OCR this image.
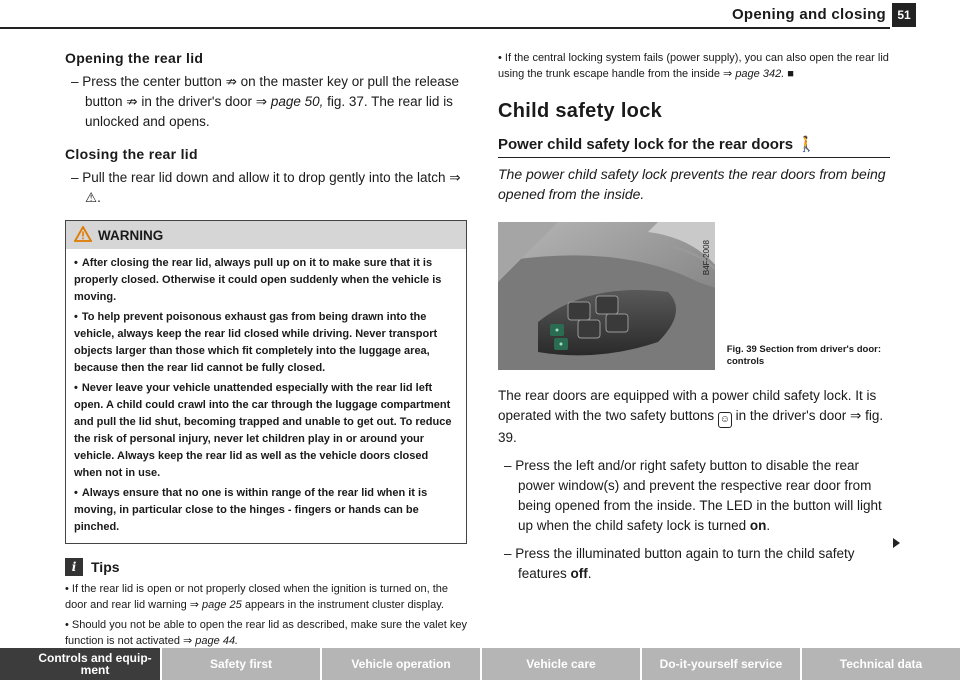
Opening and closing 51
Opening the rear lid

– Press the center button ⇏ on the master key or pull the release button ⇏ in the driver's door ⇒ page 50, fig. 37. The rear lid is unlocked and opens.

Closing the rear lid

– Pull the rear lid down and allow it to drop gently into the latch ⇒ ⚠.

WARNING

• After closing the rear lid, always pull up on it to make sure that it is properly closed. Otherwise it could open suddenly when the vehicle is moving.

• To help prevent poisonous exhaust gas from being drawn into the vehicle, always keep the rear lid closed while driving. Never transport objects larger than those which fit completely into the luggage area, because then the rear lid cannot be fully closed.

• Never leave your vehicle unattended especially with the rear lid left open. A child could crawl into the car through the luggage compartment and pull the lid shut, becoming trapped and unable to get out. To reduce the risk of personal injury, never let children play in or around your vehicle. Always keep the rear lid as well as the vehicle doors closed when not in use.

• Always ensure that no one is within range of the rear lid when it is moving, in particular close to the hinges - fingers or hands can be pinched.

i	Tips

• If the rear lid is open or not properly closed when the ignition is turned on, the door and rear lid warning ⇒ page 25 appears in the instrument cluster display.

• Should you not be able to open the rear lid as described, make sure the valet key function is not activated ⇒ page 44.

• If the central locking system fails (power supply), you can also open the rear lid using the trunk escape handle from the inside ⇒ page 342. ■

Child safety lock
Power child safety lock for the rear doors 🚶

The power child safety lock prevents the rear doors from being opened from the inside.

B4F-2008
Fig. 39 Section from driver's door: controls

The rear doors are equipped with a power child safety lock. It is operated with the two safety buttons ☺ in the driver's door ⇒ fig. 39.

– Press the left and/or right safety button to disable the rear power window(s) and prevent the respective rear door from being opened from the inside. The LED in the button will light up when the child safety lock is turned on.

– Press the illuminated button again to turn the child safety features off.

Controls and equip-ment	Safety first	Vehicle operation	Vehicle care	Do-it-yourself service	Technical data
